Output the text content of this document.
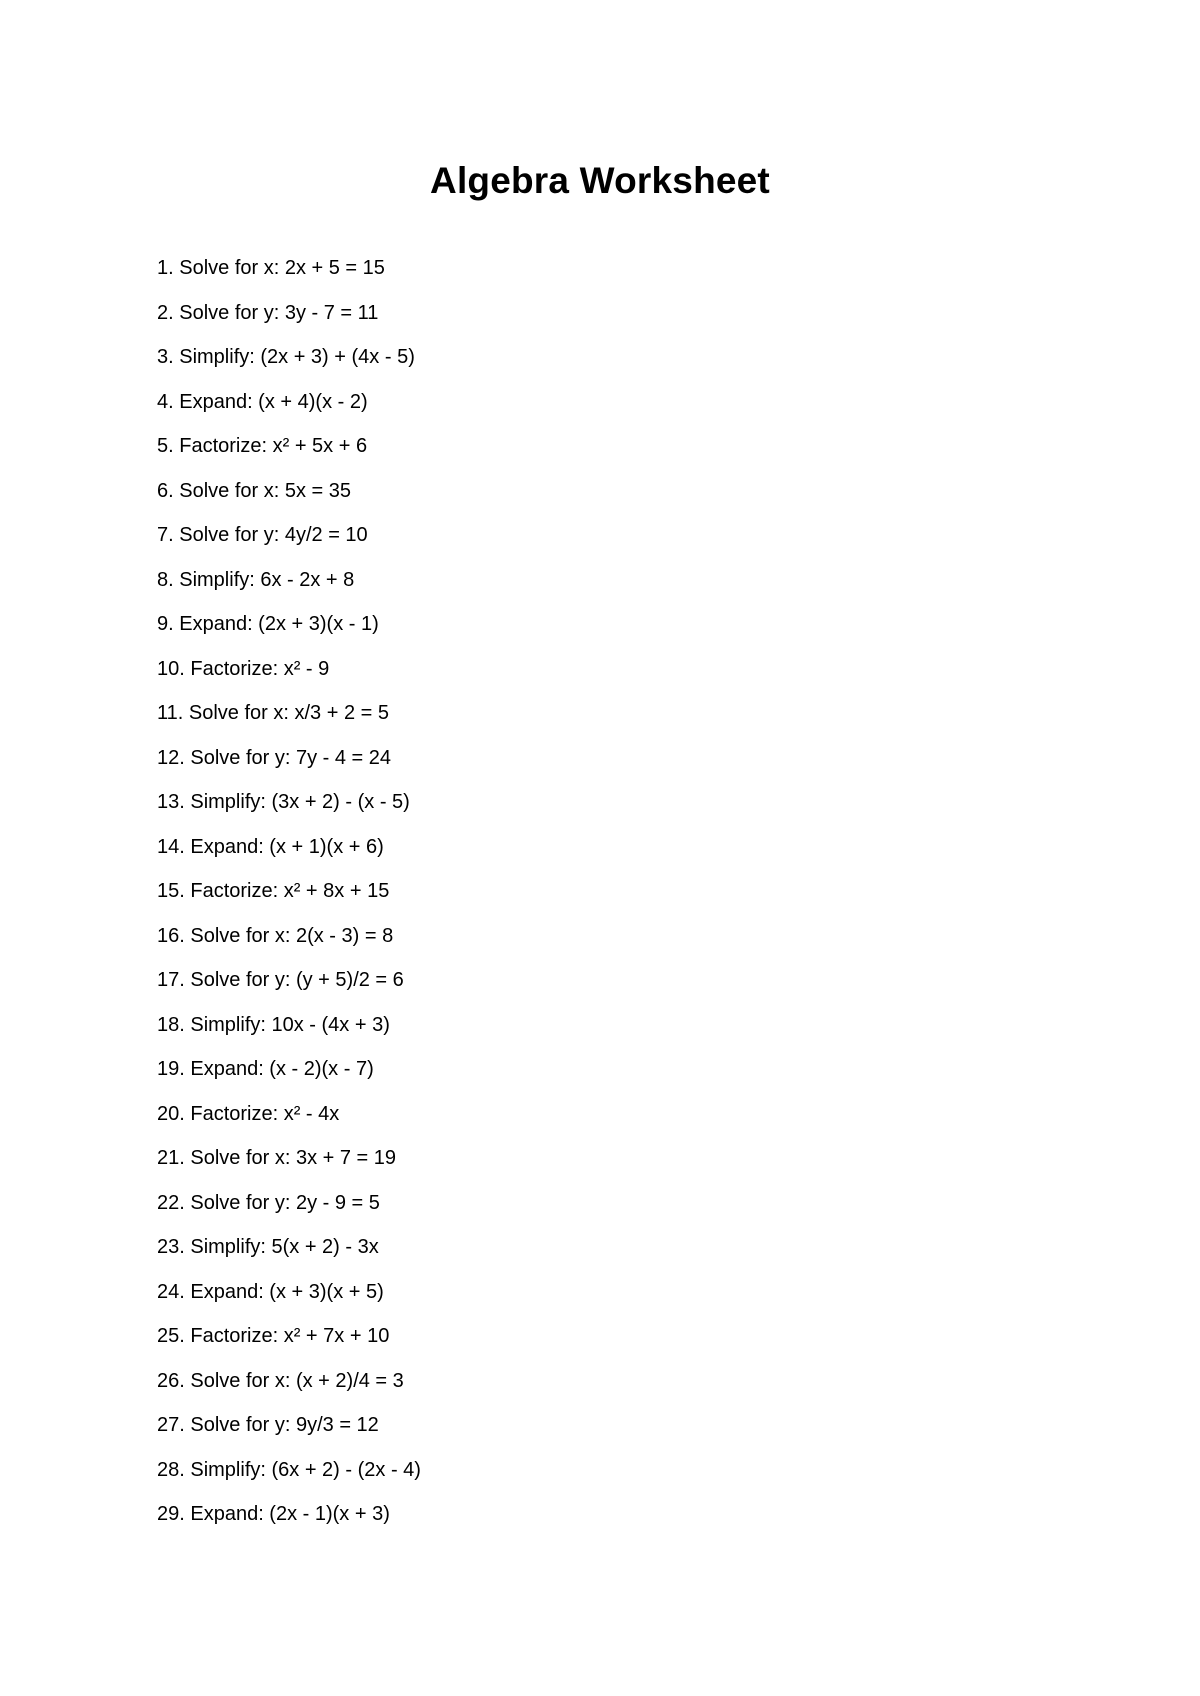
Algebra Worksheet
1. Solve for x: 2x + 5 = 15
2. Solve for y: 3y - 7 = 11
3. Simplify: (2x + 3) + (4x - 5)
4. Expand: (x + 4)(x - 2)
5. Factorize: x² + 5x + 6
6. Solve for x: 5x = 35
7. Solve for y: 4y/2 = 10
8. Simplify: 6x - 2x + 8
9. Expand: (2x + 3)(x - 1)
10. Factorize: x² - 9
11. Solve for x: x/3 + 2 = 5
12. Solve for y: 7y - 4 = 24
13. Simplify: (3x + 2) - (x - 5)
14. Expand: (x + 1)(x + 6)
15. Factorize: x² + 8x + 15
16. Solve for x: 2(x - 3) = 8
17. Solve for y: (y + 5)/2 = 6
18. Simplify: 10x - (4x + 3)
19. Expand: (x - 2)(x - 7)
20. Factorize: x² - 4x
21. Solve for x: 3x + 7 = 19
22. Solve for y: 2y - 9 = 5
23. Simplify: 5(x + 2) - 3x
24. Expand: (x + 3)(x + 5)
25. Factorize: x² + 7x + 10
26. Solve for x: (x + 2)/4 = 3
27. Solve for y: 9y/3 = 12
28. Simplify: (6x + 2) - (2x - 4)
29. Expand: (2x - 1)(x + 3)
